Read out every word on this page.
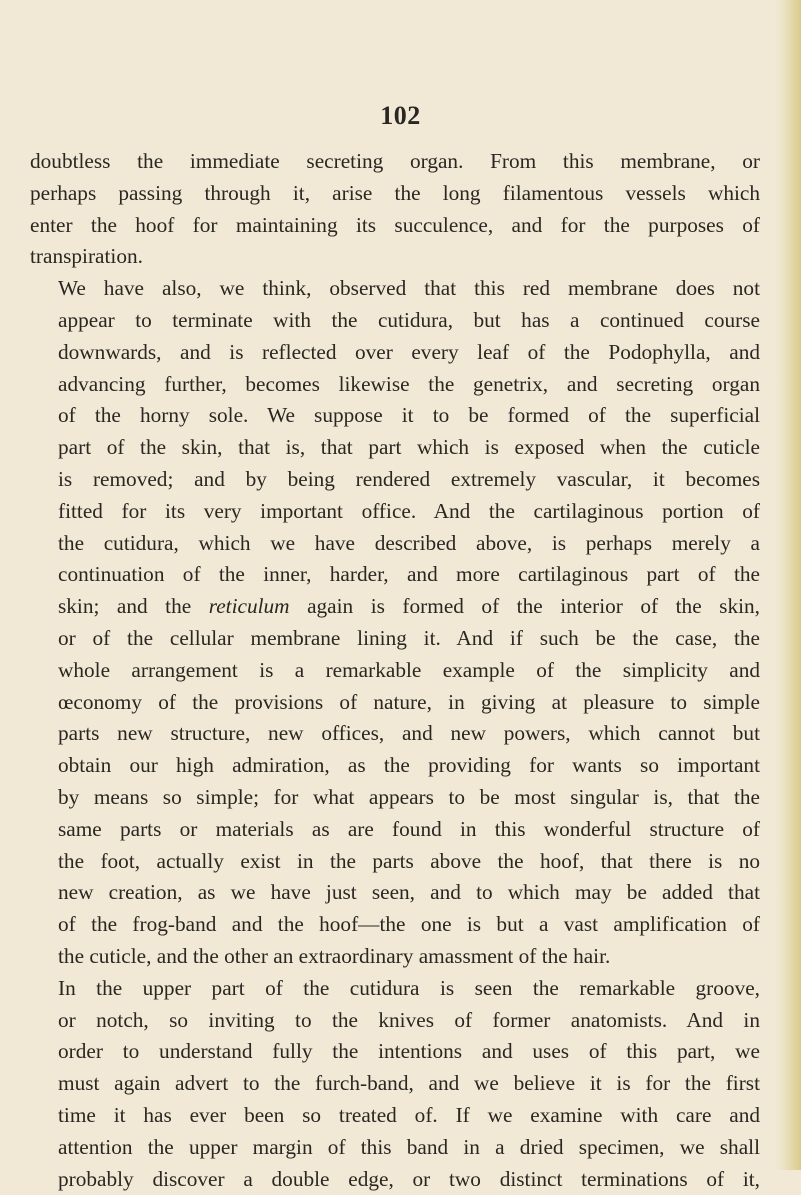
102

doubtless the immediate secreting organ. From this membrane, or
perhaps passing through it, arise the long filamentous vessels which
enter the hoof for maintaining its succulence, and for the purposes of
transpiration.

We have also, we think, observed that this red membrane does not
appear to terminate with the cutidura, but has a continued course
downwards, and is reflected over every leaf of the Podophylla, and
advancing further, becomes likewise the genetrix, and secreting organ
of the horny sole. We suppose it to be formed of the superficial
part of the skin, that is, that part which is exposed when the cuticle
is removed; and by being rendered extremely vascular, it becomes
fitted for its very important office. And the cartilaginous portion of
the cutidura, which we have described above, is perhaps merely a
continuation of the inner, harder, and more cartilaginous part of the
skin; and the reticulum again is formed of the interior of the skin,
or of the cellular membrane lining it. And if such be the case, the
whole arrangement is a remarkable example of the simplicity and
œconomy of the provisions of nature, in giving at pleasure to simple
parts new structure, new offices, and new powers, which cannot but
obtain our high admiration, as the providing for wants so important
by means so simple; for what appears to be most singular is, that the
same parts or materials as are found in this wonderful structure of
the foot, actually exist in the parts above the hoof, that there is no
new creation, as we have just seen, and to which may be added that
of the frog-band and the hoof—the one is but a vast amplification of
the cuticle, and the other an extraordinary amassment of the hair.

In the upper part of the cutidura is seen the remarkable groove,
or notch, so inviting to the knives of former anatomists. And in
order to understand fully the intentions and uses of this part, we
must again advert to the furch-band, and we believe it is for the first
time it has ever been so treated of. If we examine with care and
attention the upper margin of this band in a dried specimen, we shall
probably discover a double edge, or two distinct terminations of it,
